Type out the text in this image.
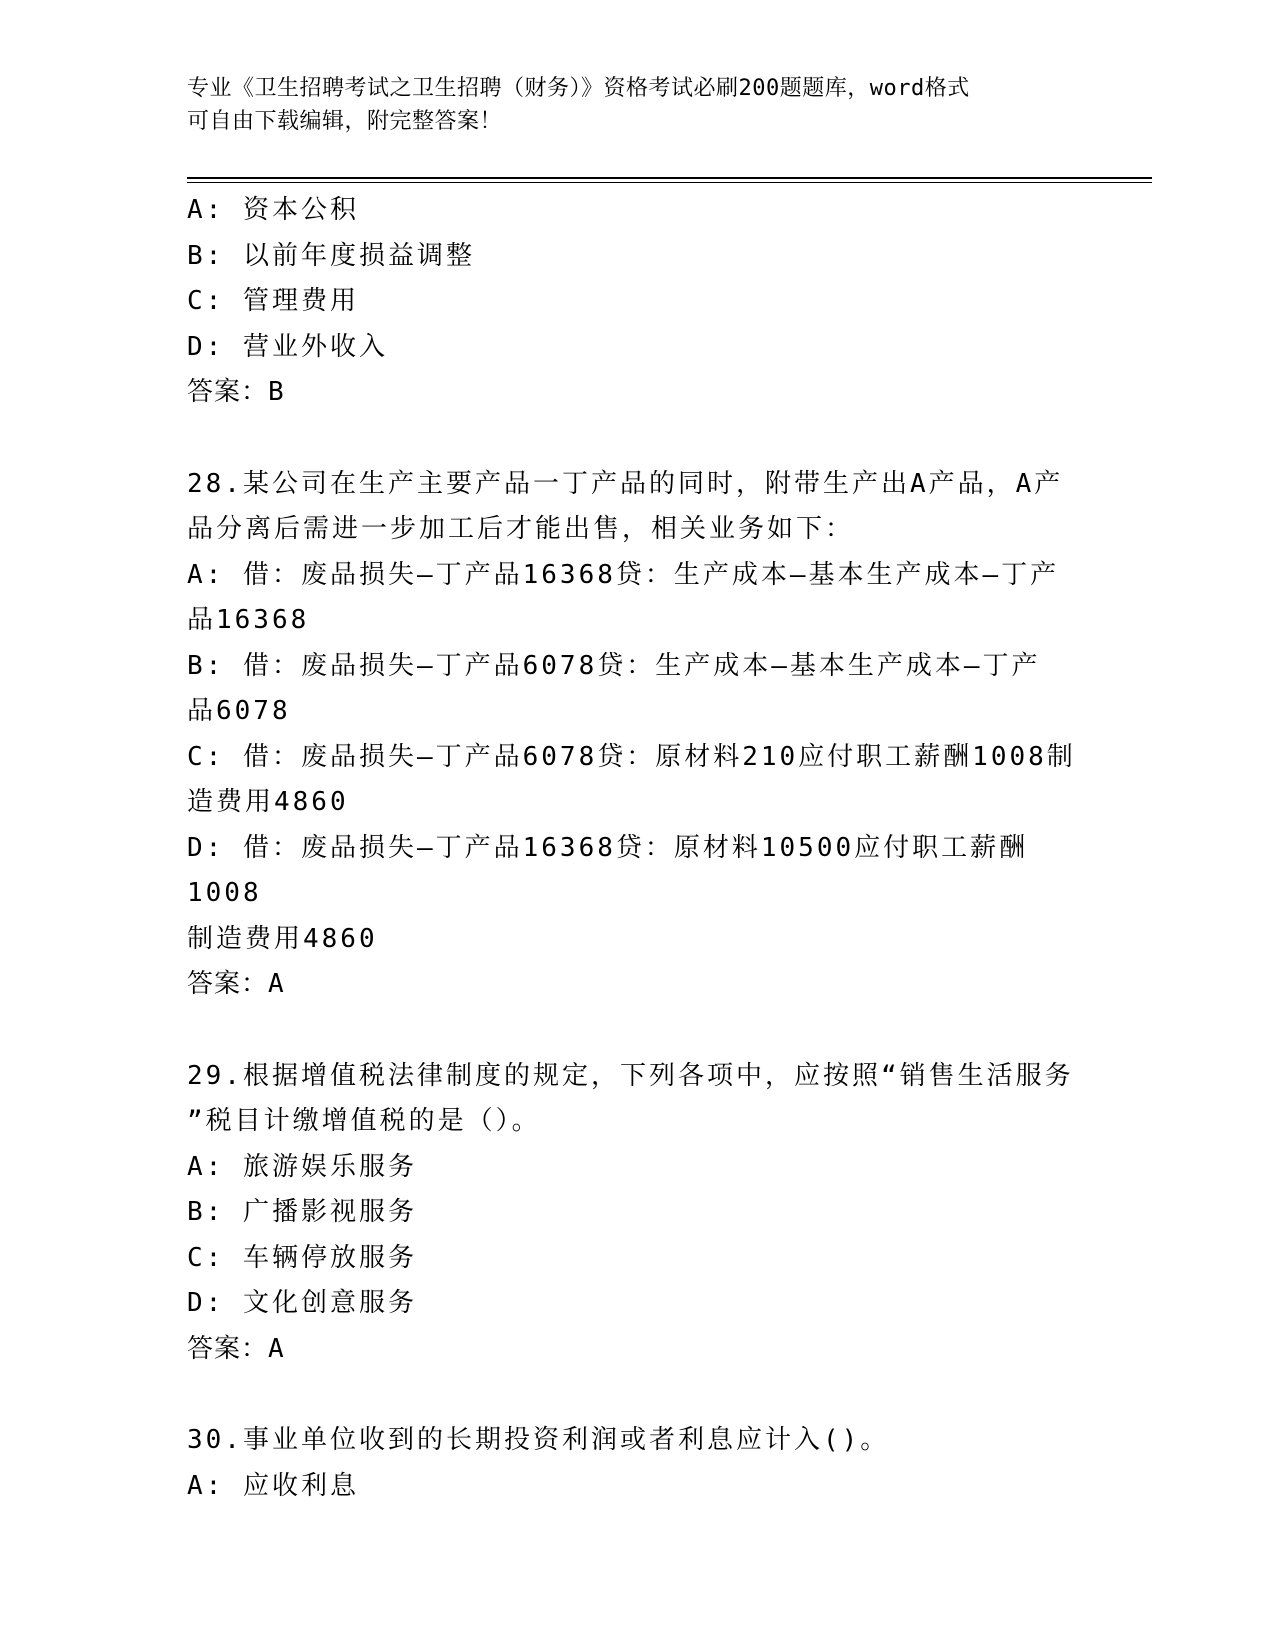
专业《卫生招聘考试之卫生招聘（财务）》资格考试必刷200题题库，word格式
可自由下载编辑，附完整答案！
A: 资本公积
B: 以前年度损益调整
C: 管理费用
D: 营业外收入
答案：B
28.某公司在生产主要产品一丁产品的同时，附带生产出A产品，A产
品分离后需进一步加工后才能出售，相关业务如下：
A: 借：废品损失—丁产品16368贷：生产成本—基本生产成本—丁产
品16368
B: 借：废品损失—丁产品6078贷：生产成本—基本生产成本—丁产
品6078
C: 借：废品损失—丁产品6078贷：原材料210应付职工薪酬1008制
造费用4860
D: 借：废品损失—丁产品16368贷：原材料10500应付职工薪酬1008
制造费用4860
答案：A
29.根据增值税法律制度的规定，下列各项中，应按照“销售生活服务
”税目计缴增值税的是（）。
A: 旅游娱乐服务
B: 广播影视服务
C: 车辆停放服务
D: 文化创意服务
答案：A
30.事业单位收到的长期投资利润或者利息应计入()。
A: 应收利息
